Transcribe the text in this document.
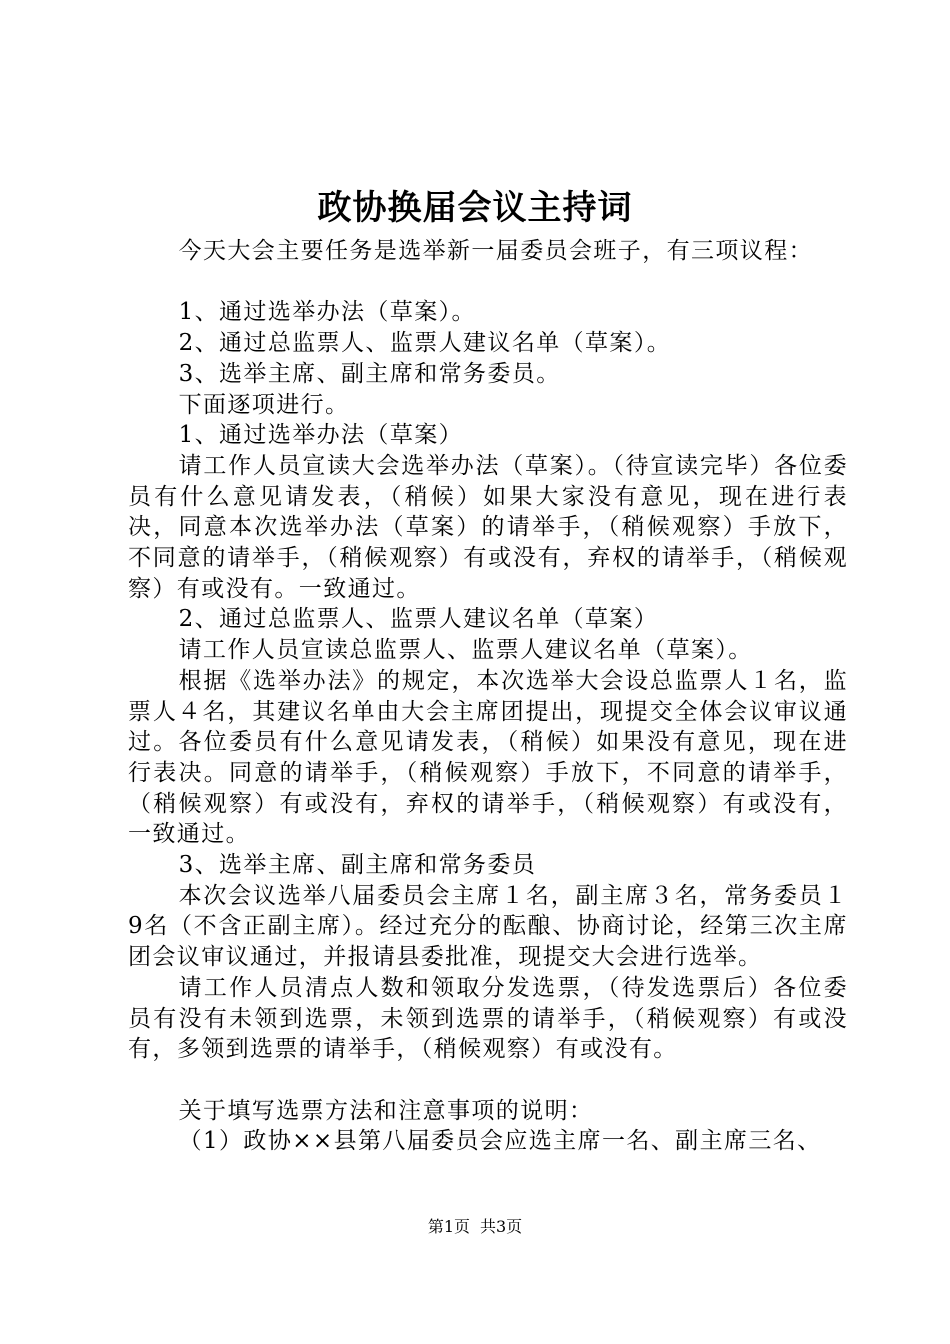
政协换届会议主持词

今天大会主要任务是选举新一届委员会班子，有三项议程：

1、通过选举办法（草案）。

2、通过总监票人、监票人建议名单（草案）。

3、选举主席、副主席和常务委员。

下面逐项进行。

1、通过选举办法（草案）

请工作人员宣读大会选举办法（草案）。（待宣读完毕）各位委员有什么意见请发表，（稍候）如果大家没有意见，现在进行表决，同意本次选举办法（草案）的请举手，（稍候观察）手放下，不同意的请举手，（稍候观察）有或没有，弃权的请举手，（稍候观察）有或没有。一致通过。

2、通过总监票人、监票人建议名单（草案）

请工作人员宣读总监票人、监票人建议名单（草案）。

根据《选举办法》的规定，本次选举大会设总监票人１名，监票人４名，其建议名单由大会主席团提出，现提交全体会议审议通过。各位委员有什么意见请发表，（稍候）如果没有意见，现在进行表决。同意的请举手，（稍候观察）手放下，不同意的请举手，（稍候观察）有或没有，弃权的请举手，（稍候观察）有或没有，一致通过。

3、选举主席、副主席和常务委员

本次会议选举八届委员会主席１名，副主席３名，常务委员１9名（不含正副主席）。经过充分的酝酿、协商讨论，经第三次主席团会议审议通过，并报请县委批准，现提交大会进行选举。

请工作人员清点人数和领取分发选票，（待发选票后）各位委员有没有未领到选票，未领到选票的请举手，（稍候观察）有或没有，多领到选票的请举手，（稍候观察）有或没有。

关于填写选票方法和注意事项的说明：

（1）政协××县第八届委员会应选主席一名、副主席三名、

第1页 共3页
